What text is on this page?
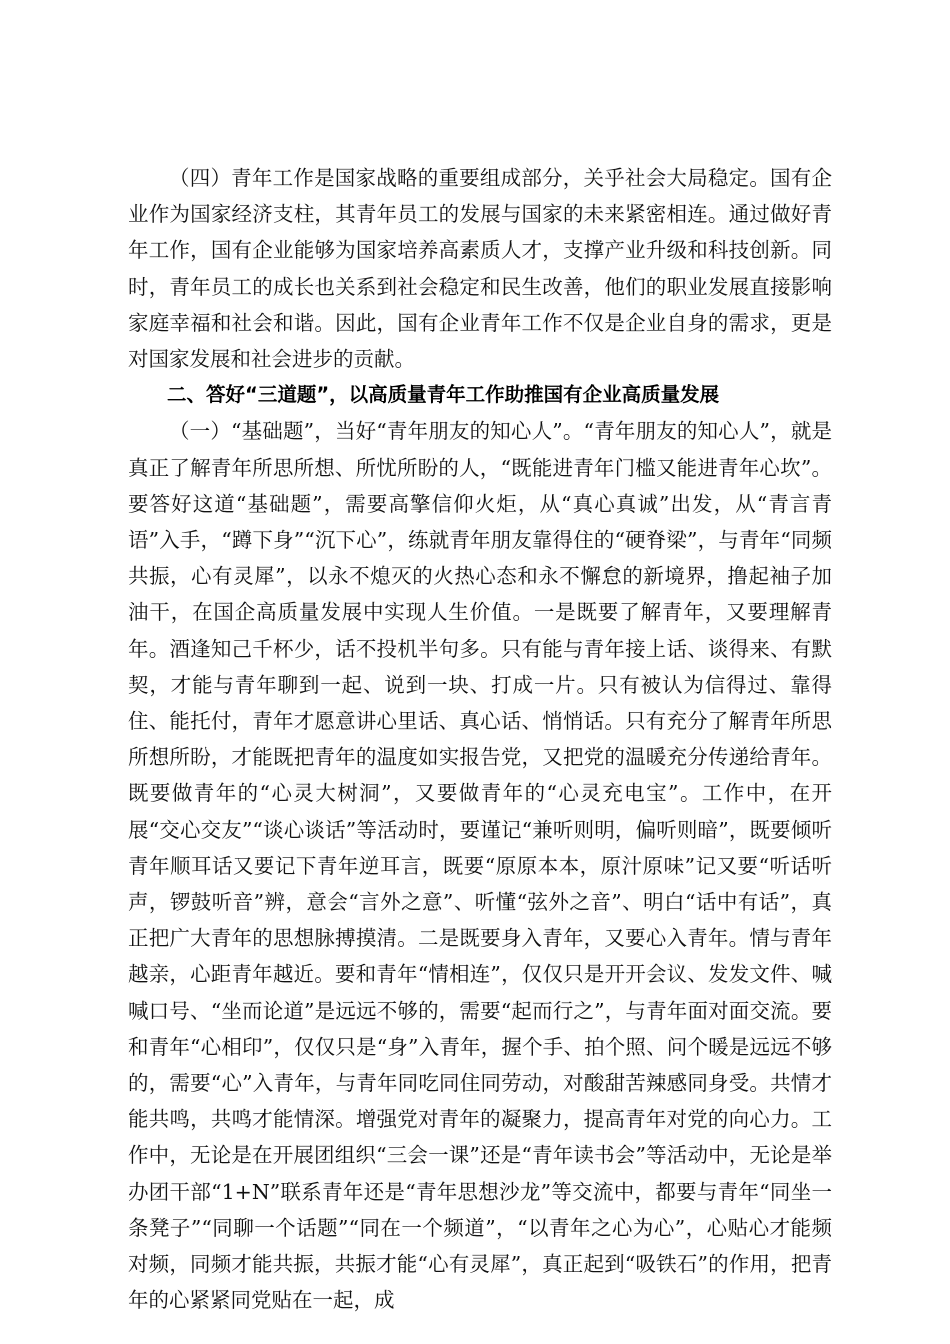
（四）青年工作是国家战略的重要组成部分，关乎社会大局稳定。国有企业作为国家经济支柱，其青年员工的发展与国家的未来紧密相连。通过做好青年工作，国有企业能够为国家培养高素质人才，支撑产业升级和科技创新。同时，青年员工的成长也关系到社会稳定和民生改善，他们的职业发展直接影响家庭幸福和社会和谐。因此，国有企业青年工作不仅是企业自身的需求，更是对国家发展和社会进步的贡献。

二、答好“三道题”，以高质量青年工作助推国有企业高质量发展

（一）“基础题”，当好“青年朋友的知心人”。“青年朋友的知心人”，就是真正了解青年所思所想、所忧所盼的人，“既能进青年门槛又能进青年心坎”。要答好这道“基础题”，需要高擎信仰火炬，从“真心真诚”出发，从“青言青语”入手，“蹲下身”“沉下心”，练就青年朋友靠得住的“硬脊梁”，与青年“同频共振，心有灵犀”，以永不熄灭的火热心态和永不懈怠的新境界，撸起袖子加油干，在国企高质量发展中实现人生价值。一是既要了解青年，又要理解青年。酒逢知己千杯少，话不投机半句多。只有能与青年接上话、谈得来、有默契，才能与青年聊到一起、说到一块、打成一片。只有被认为信得过、靠得住、能托付，青年才愿意讲心里话、真心话、悄悄话。只有充分了解青年所思所想所盼，才能既把青年的温度如实报告党，又把党的温暖充分传递给青年。既要做青年的“心灵大树洞”，又要做青年的“心灵充电宝”。工作中，在开展“交心交友”“谈心谈话”等活动时，要谨记“兼听则明，偏听则暗”，既要倾听青年顺耳话又要记下青年逆耳言，既要“原原本本，原汁原味”记又要“听话听声，锣鼓听音”辨，意会“言外之意”、听懂“弦外之音”、明白“话中有话”，真正把广大青年的思想脉搏摸清。二是既要身入青年，又要心入青年。情与青年越亲，心距青年越近。要和青年“情相连”，仅仅只是开开会议、发发文件、喊喊口号、“坐而论道”是远远不够的，需要“起而行之”，与青年面对面交流。要和青年“心相印”，仅仅只是“身”入青年，握个手、拍个照、问个暖是远远不够的，需要“心”入青年，与青年同吃同住同劳动，对酸甜苦辣感同身受。共情才能共鸣，共鸣才能情深。增强党对青年的凝聚力，提高青年对党的向心力。工作中，无论是在开展团组织“三会一课”还是“青年读书会”等活动中，无论是举办团干部“1+N”联系青年还是“青年思想沙龙”等交流中，都要与青年“同坐一条凳子”“同聊一个话题”“同在一个频道”，“以青年之心为心”，心贴心才能频对频，同频才能共振，共振才能“心有灵犀”，真正起到“吸铁石”的作用，把青年的心紧紧同党贴在一起，成
